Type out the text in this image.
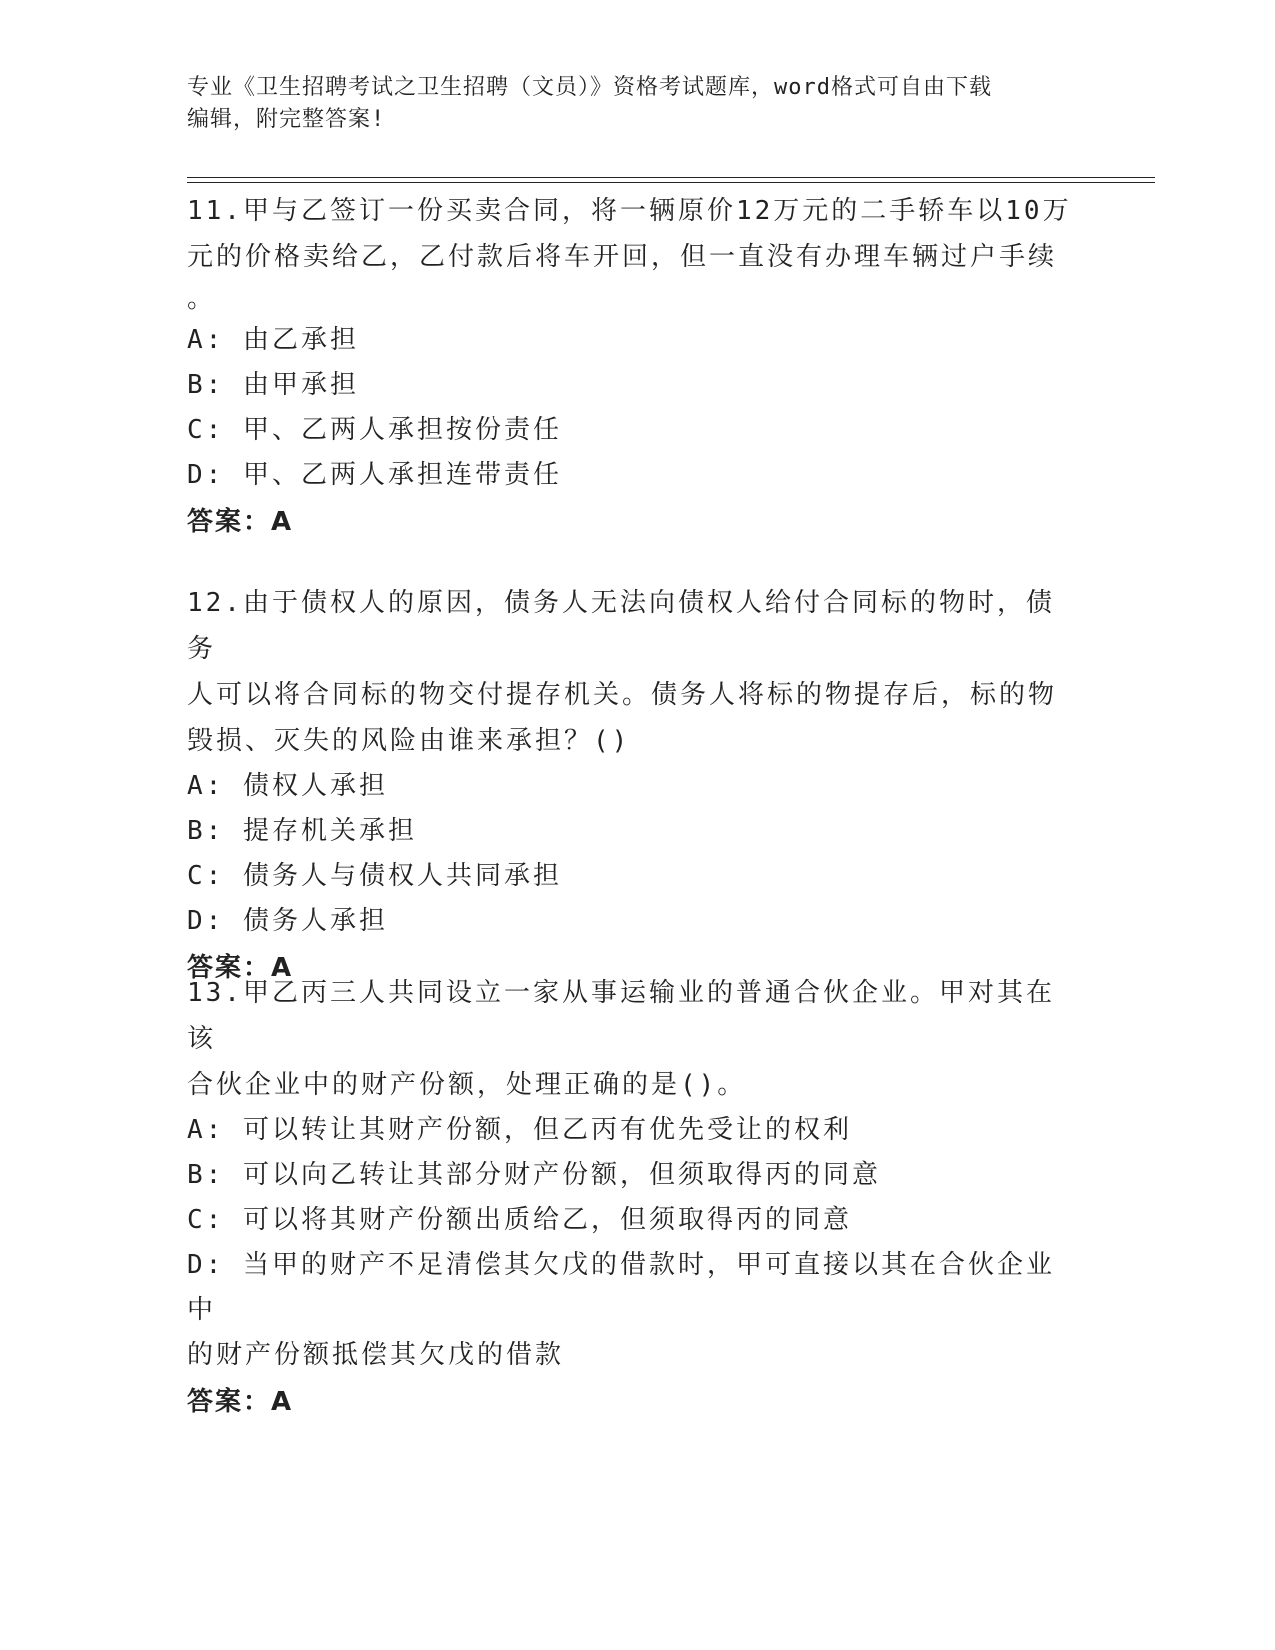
专业《卫生招聘考试之卫生招聘（文员）》资格考试题库，word格式可自由下载
编辑，附完整答案!

11.甲与乙签订一份买卖合同，将一辆原价12万元的二手轿车以10万

元的价格卖给乙，乙付款后将车开回，但一直没有办理车辆过户手续

。

A: 由乙承担

B: 由甲承担

C: 甲、乙两人承担按份责任

D: 甲、乙两人承担连带责任

答案：A

12.由于债权人的原因，债务人无法向债权人给付合同标的物时，债务

人可以将合同标的物交付提存机关。债务人将标的物提存后，标的物

毁损、灭失的风险由谁来承担？()

A: 债权人承担

B: 提存机关承担

C: 债务人与债权人共同承担

D: 债务人承担

答案：A

13.甲乙丙三人共同设立一家从事运输业的普通合伙企业。甲对其在该

合伙企业中的财产份额，处理正确的是()。

A: 可以转让其财产份额，但乙丙有优先受让的权利

B: 可以向乙转让其部分财产份额，但须取得丙的同意

C: 可以将其财产份额出质给乙，但须取得丙的同意

D: 当甲的财产不足清偿其欠戊的借款时，甲可直接以其在合伙企业中

的财产份额抵偿其欠戊的借款

答案：A
